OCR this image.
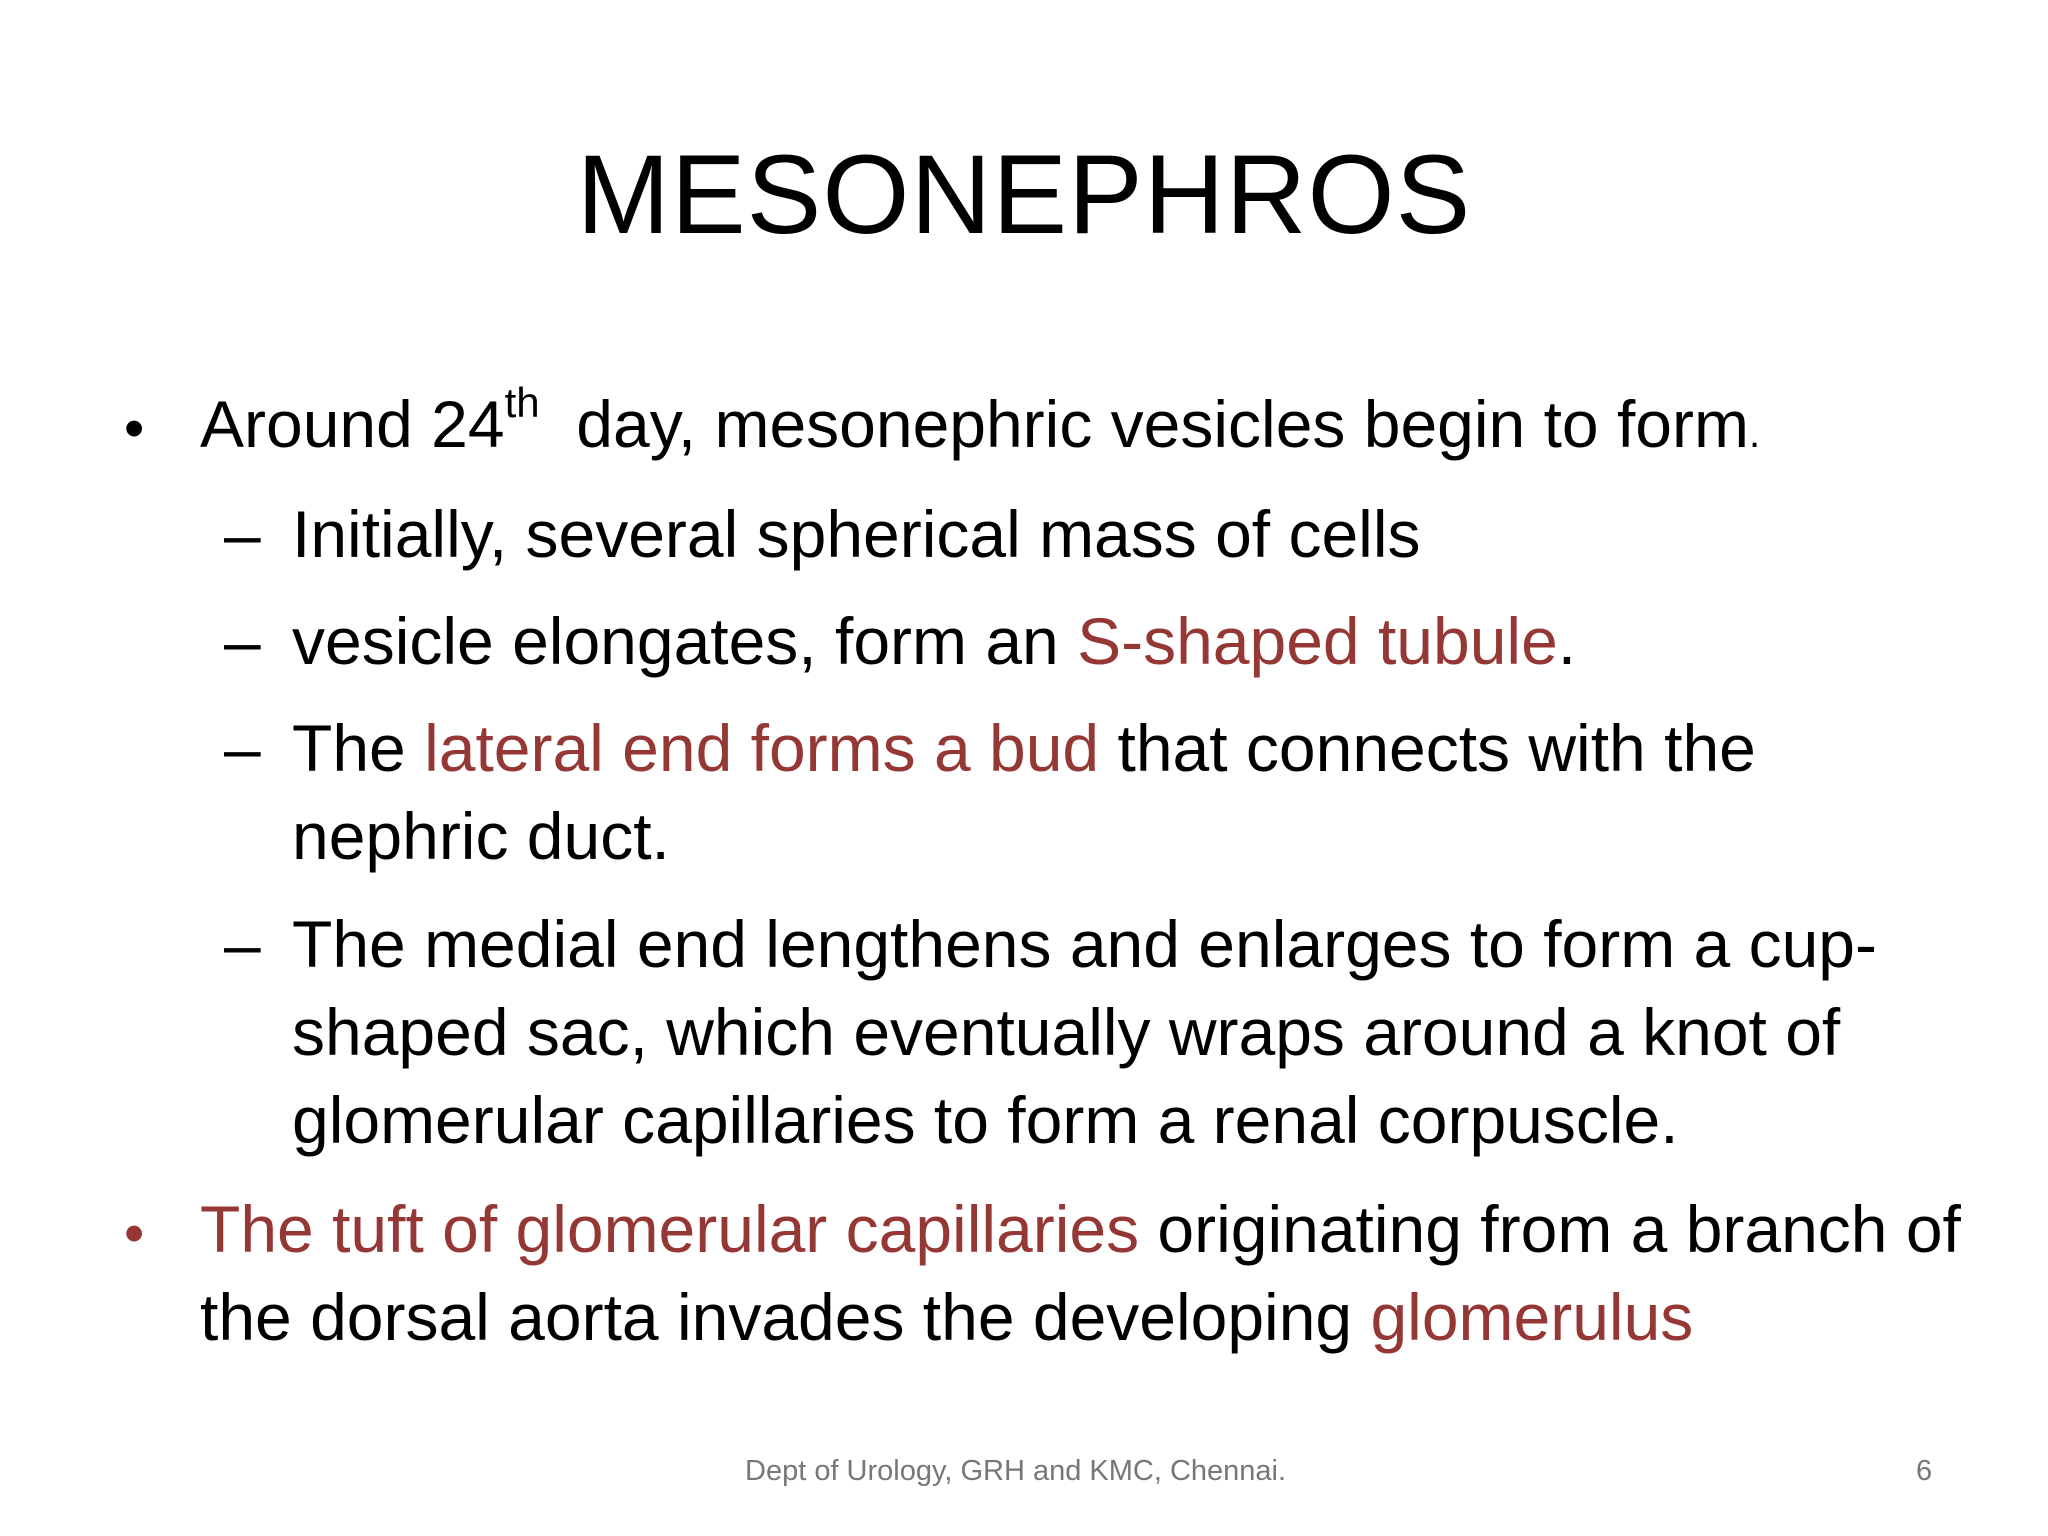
MESONEPHROS
• Around 24th  day, mesonephric vesicles begin to form.
– Initially, several spherical mass of cells
– vesicle elongates, form an S-shaped tubule.
– The lateral end forms a bud that connects with the
nephric duct.
– The medial end lengthens and enlarges to form a cup-
shaped sac, which eventually wraps around a knot of
glomerular capillaries to form a renal corpuscle.
• The tuft of glomerular capillaries originating from a branch of
the dorsal aorta invades the developing glomerulus
Dept of Urology, GRH and KMC, Chennai.	6
